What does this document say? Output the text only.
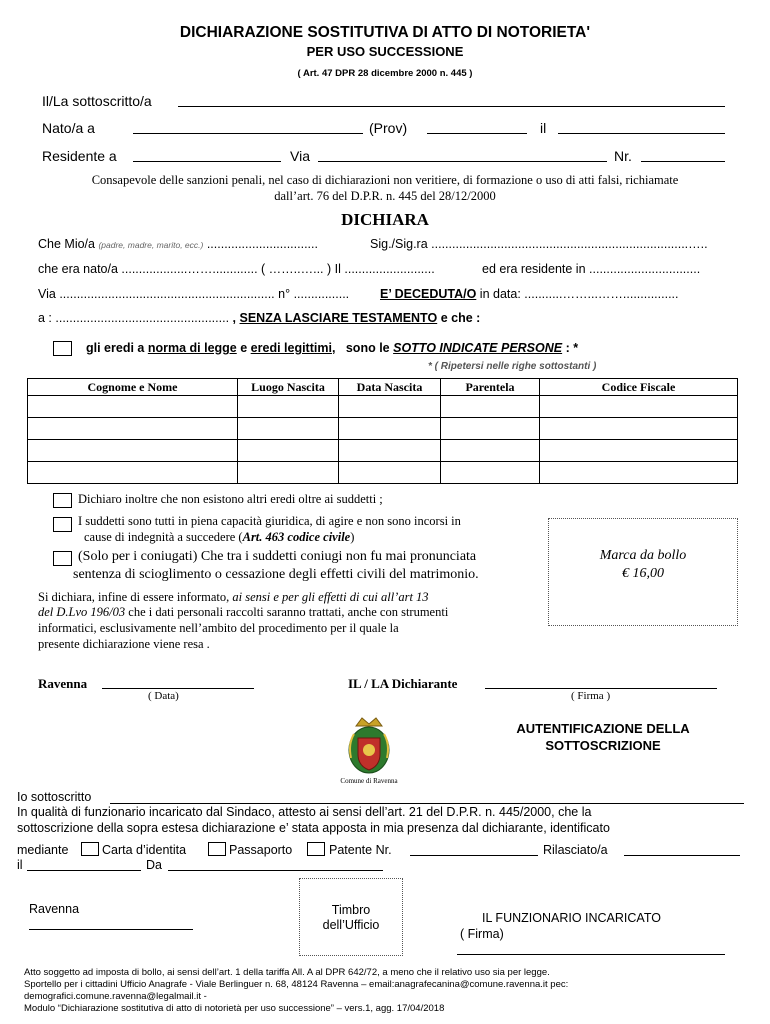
DICHIARAZIONE SOSTITUTIVA DI ATTO DI NOTORIETA'
PER USO SUCCESSIONE
( Art. 47 DPR 28 dicembre 2000 n. 445 )
Il/La sottoscritto/a
Nato/a a	(Prov)	il
Residente a	Via	Nr.
Consapevole delle sanzioni penali, nel caso di dichiarazioni non veritiere, di formazione o uso di atti falsi, richiamate
dall’art. 76 del D.P.R. n. 445 del 28/12/2000
DICHIARA
Che Mio/a (padre, madre, marito, ecc.) ................................	Sig./Sig.ra ..........................................................................…..
che era nato/a ...................……............. ( ……..…... ) Il ..........................	ed era residente in ................................
Via .............................................................. n° ................ E’ DECEDUTA/O in data: ...........……...……................
a : .................................................. , SENZA LASCIARE TESTAMENTO e che :
gli eredi a norma di legge e eredi legittimi, sono le SOTTO INDICATE PERSONE : *
* ( Ripetersi nelle righe sottostanti )
Cognome e Nome	Luogo Nascita	Data Nascita	Parentela	Codice Fiscale

Dichiaro inoltre che non esistono altri eredi oltre ai suddetti ;
I suddetti sono tutti in piena capacità giuridica, di agire e non sono incorsi in
cause di indegnità a succedere (Art. 463 codice civile)
(Solo per i coniugati) Che tra i suddetti coniugi non fu mai pronunciata
sentenza di scioglimento o cessazione degli effetti civili del matrimonio.
Marca da bollo
€ 16,00
Si dichiara, infine di essere informato, ai sensi e per gli effetti di cui all’art 13
del D.Lvo 196/03 che i dati personali raccolti saranno trattati, anche con strumenti
informatici, esclusivamente nell’ambito del procedimento per il quale la
presente dichiarazione viene resa .
Ravenna
( Data)
IL / LA Dichiarante
( Firma )
AUTENTIFICAZIONE DELLA
SOTTOSCRIZIONE
Comune di Ravenna
Io sottoscritto
In qualità di funzionario incaricato dal Sindaco, attesto ai sensi dell’art. 21 del D.P.R. n. 445/2000, che la
sottoscrizione della sopra estesa dichiarazione e’ stata apposta in mia presenza dal dichiarante, identificato
mediante	Carta d’identita	Passaporto	Patente Nr.	Rilasciato/a
il	Da
Ravenna	Timbro
dell’Ufficio	IL FUNZIONARIO INCARICATO
( Firma)
Atto soggetto ad imposta di bollo, ai sensi dell’art. 1 della tariffa All. A al DPR 642/72, a meno che il relativo uso sia per legge.
Sportello per i cittadini Ufficio Anagrafe - Viale Berlinguer n. 68, 48124 Ravenna – email:anagrafecanina@comune.ravenna.it pec:
demografici.comune.ravenna@legalmail.it -
Modulo “Dichiarazione sostitutiva di atto di notorietà per uso successione” – vers.1, agg. 17/04/2018
